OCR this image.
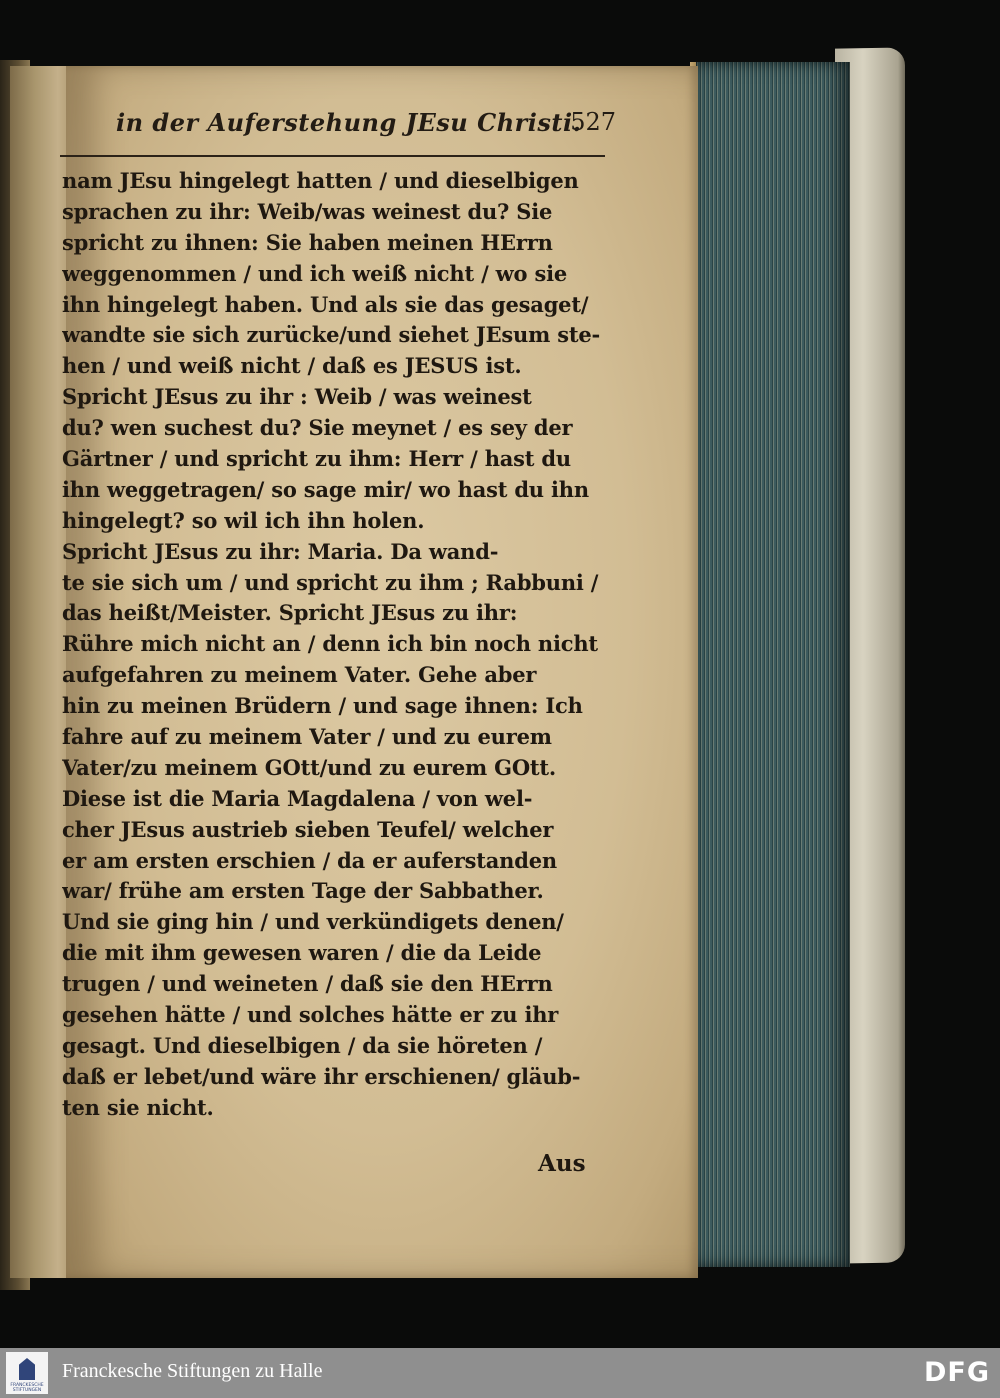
in der Auferstehung JEsu Christi.
527
nam JEsu hingelegt hatten / und dieselbigen
sprachen zu ihr: Weib/was weinest du? Sie
spricht zu ihnen: Sie haben meinen HErrn
weggenommen / und ich weiß nicht / wo sie
ihn hingelegt haben. Und als sie das gesaget/
wandte sie sich zurücke/und siehet JEsum ste-
hen / und weiß nicht / daß es JESUS ist.
Spricht JEsus zu ihr : Weib / was weinest
du? wen suchest du? Sie meynet / es sey der
Gärtner / und spricht zu ihm: Herr / hast du
ihn weggetragen/ so sage mir/ wo hast du ihn
hingelegt? so wil ich ihn holen.
Spricht JEsus zu ihr: Maria. Da wand-
te sie sich um / und spricht zu ihm ; Rabbuni /
das heißt/Meister. Spricht JEsus zu ihr:
Rühre mich nicht an / denn ich bin noch nicht
aufgefahren zu meinem Vater. Gehe aber
hin zu meinen Brüdern / und sage ihnen: Ich
fahre auf zu meinem Vater / und zu eurem
Vater/zu meinem GOtt/und zu eurem GOtt.
Diese ist die Maria Magdalena / von wel-
cher JEsus austrieb sieben Teufel/ welcher
er am ersten erschien / da er auferstanden
war/ frühe am ersten Tage der Sabbather.
Und sie ging hin / und verkündigets denen/
die mit ihm gewesen waren / die da Leide
trugen / und weineten / daß sie den HErrn
gesehen hätte / und solches hätte er zu ihr
gesagt. Und dieselbigen / da sie höreten /
daß er lebet/und wäre ihr erschienen/ gläub-
ten sie nicht.
Aus
FRANCKESCHE
STIFTUNGEN
Franckesche Stiftungen zu Halle	DFG
